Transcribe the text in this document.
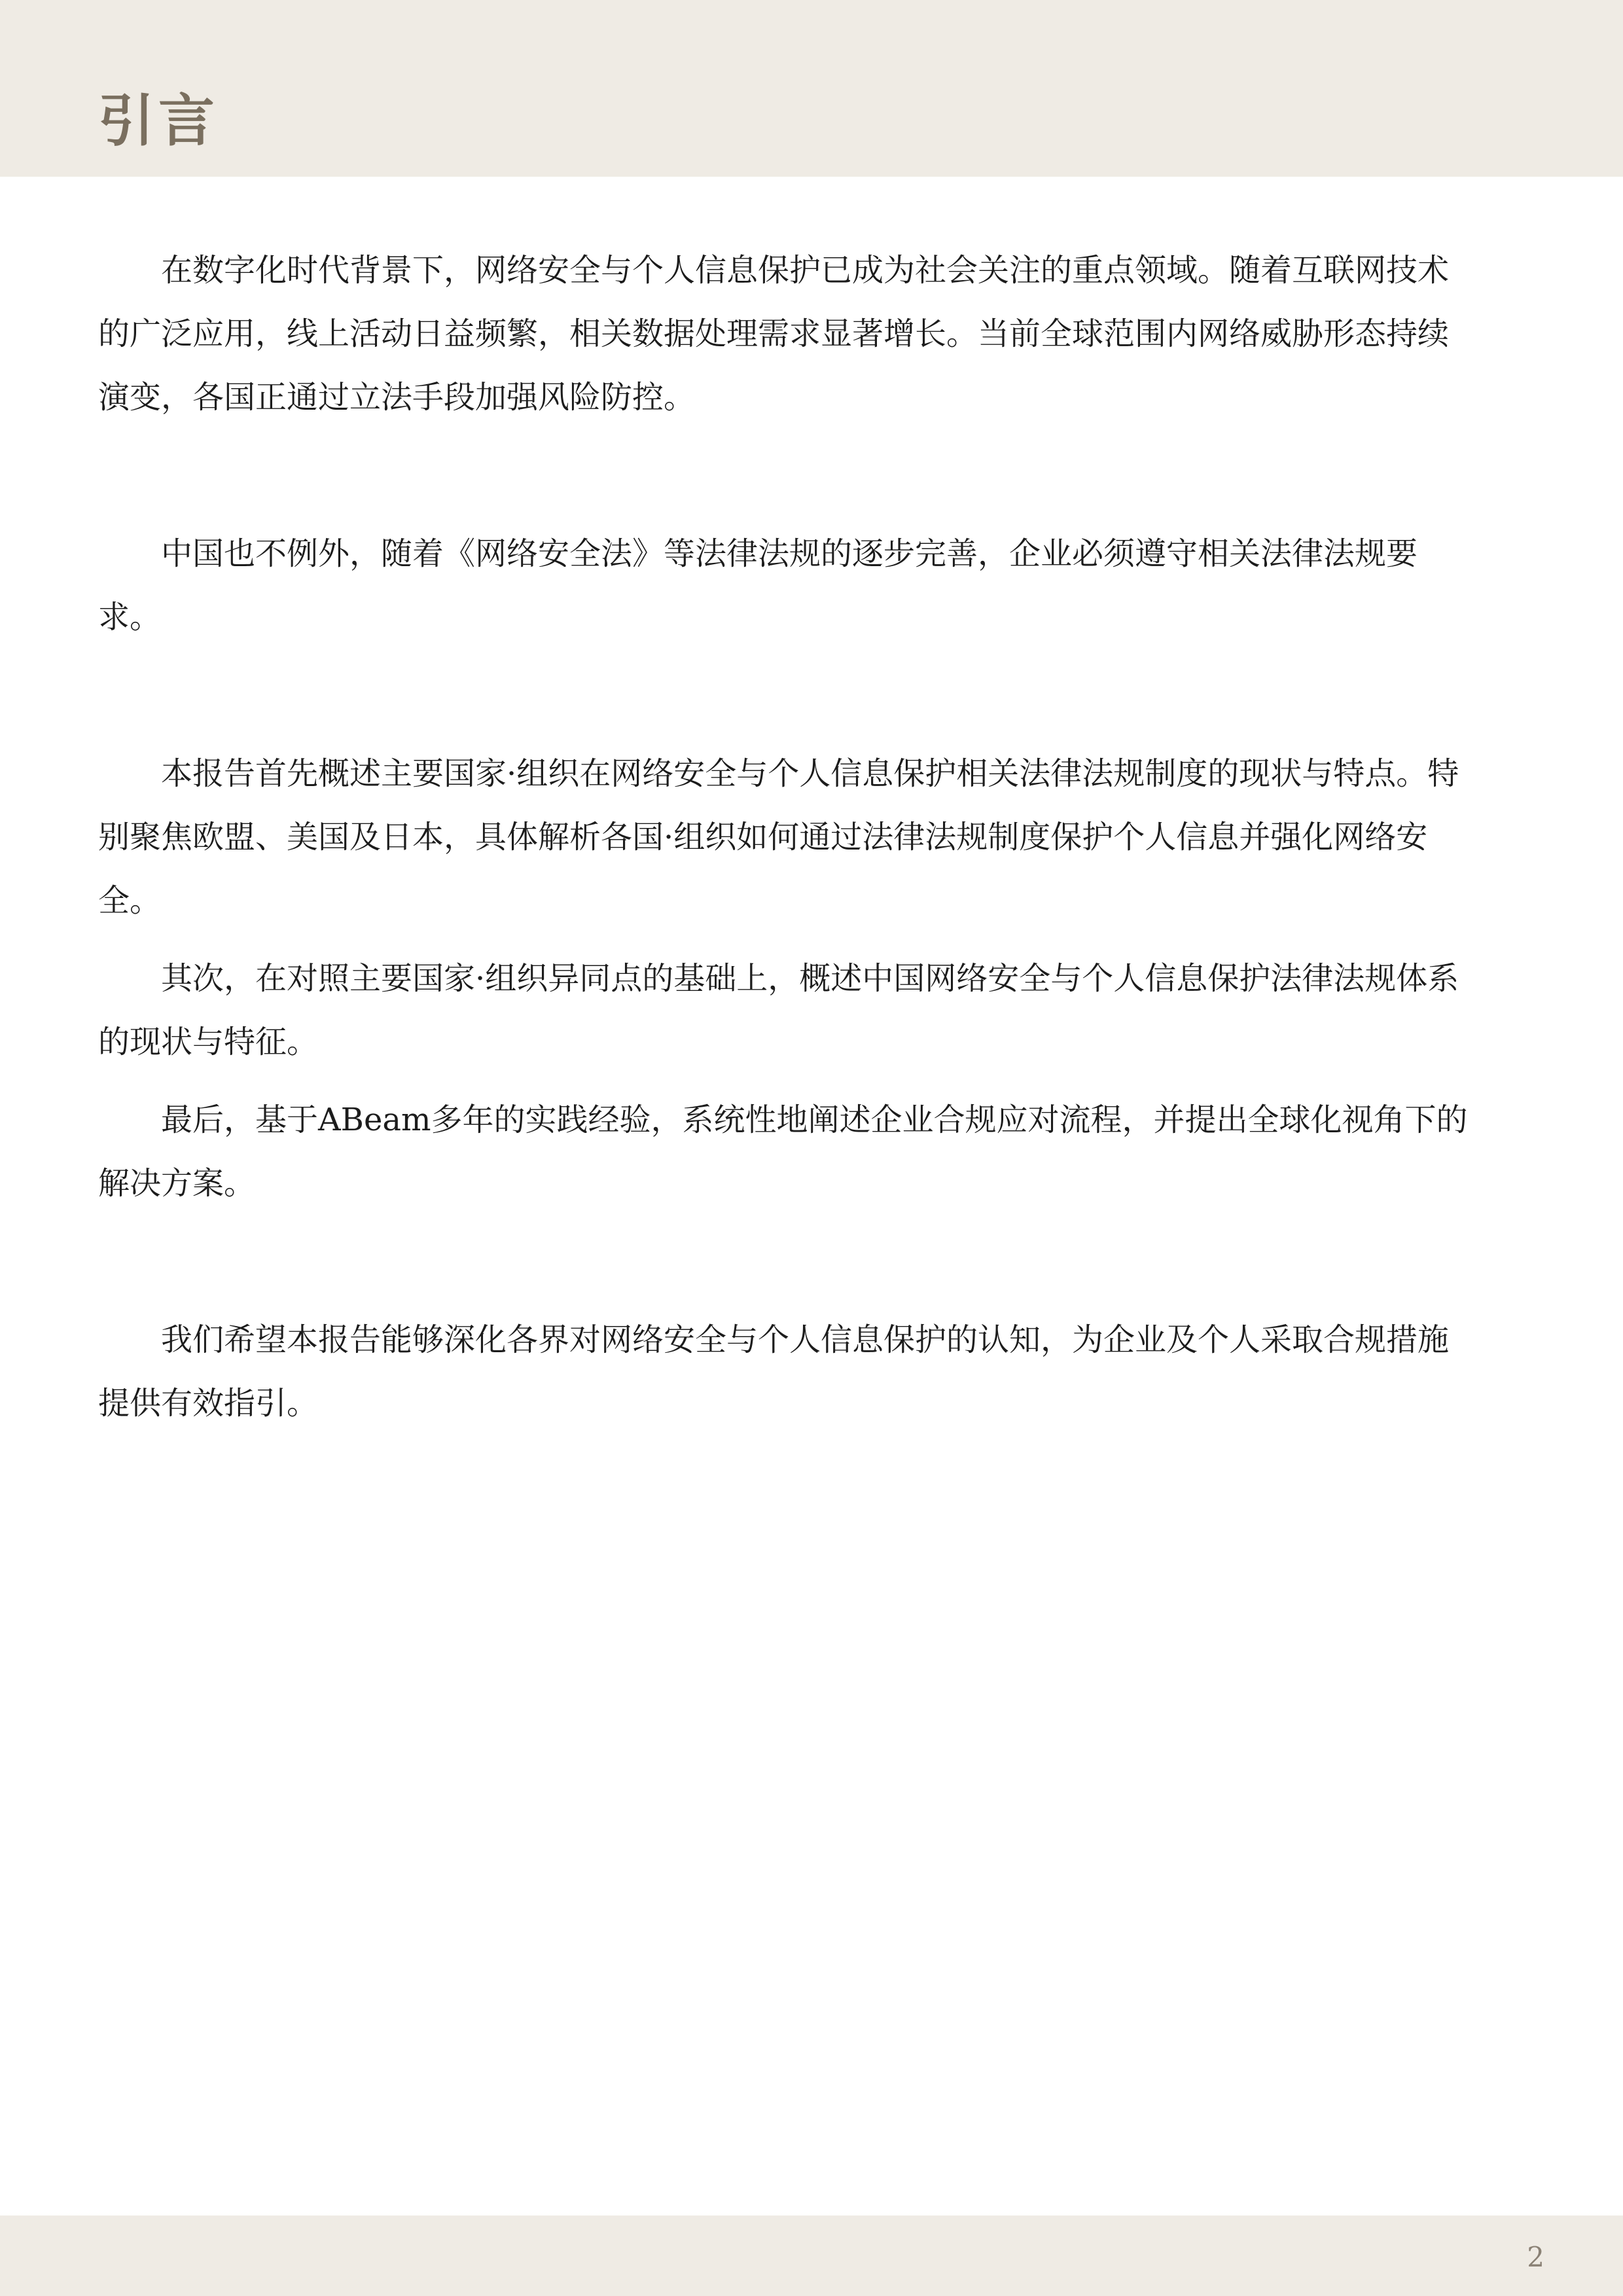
引言

在数字化时代背景下，网络安全与个人信息保护已成为社会关注的重点领域。随着互联网技术的广泛应用，线上活动日益频繁，相关数据处理需求显著增长。当前全球范围内网络威胁形态持续演变，各国正通过立法手段加强风险防控。

中国也不例外，随着《网络安全法》等法律法规的逐步完善，企业必须遵守相关法律法规要求。

本报告首先概述主要国家·组织在网络安全与个人信息保护相关法律法规制度的现状与特点。特别聚焦欧盟、美国及日本，具体解析各国·组织如何通过法律法规制度保护个人信息并强化网络安全。

其次，在对照主要国家·组织异同点的基础上，概述中国网络安全与个人信息保护法律法规体系的现状与特征。

最后，基于ABeam多年的实践经验，系统性地阐述企业合规应对流程，并提出全球化视角下的解决方案。

我们希望本报告能够深化各界对网络安全与个人信息保护的认知，为企业及个人采取合规措施提供有效指引。

2
